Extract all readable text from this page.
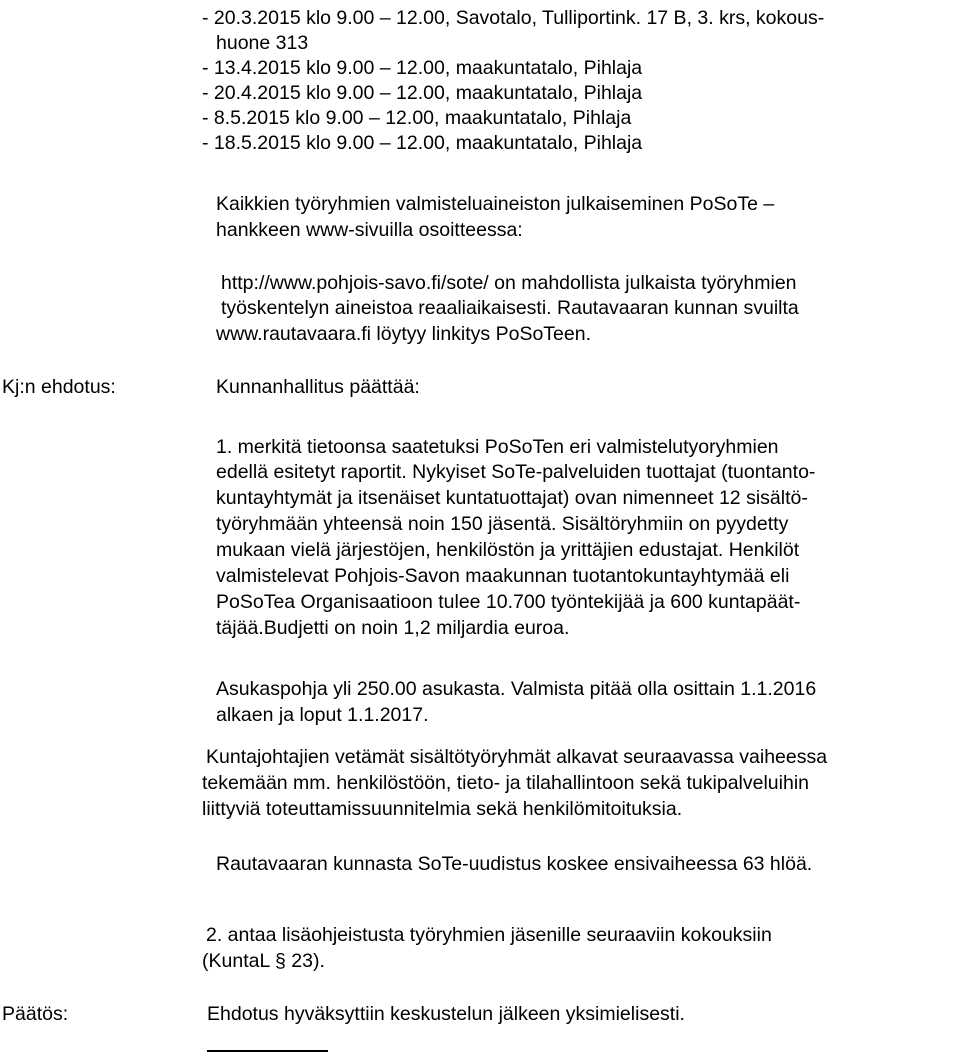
- 20.3.2015 klo 9.00 – 12.00, Savotalo, Tulliportink. 17 B, 3. krs, kokous-
huone 313
- 13.4.2015 klo 9.00 – 12.00, maakuntatalo, Pihlaja
- 20.4.2015 klo 9.00 – 12.00, maakuntatalo, Pihlaja
- 8.5.2015 klo 9.00 – 12.00, maakuntatalo, Pihlaja
- 18.5.2015 klo 9.00 – 12.00, maakuntatalo, Pihlaja
Kaikkien työryhmien valmisteluaineiston julkaiseminen PoSoTe –
hankkeen www-sivuilla osoitteessa:
http://www.pohjois-savo.fi/sote/ on mahdollista julkaista työryhmien
työskentelyn aineistoa reaaliaikaisesti. Rautavaaran kunnan svuilta
www.rautavaara.fi löytyy linkitys PoSoTeen.
Kj:n ehdotus:	Kunnanhallitus päättää:
1. merkitä tietoonsa saatetuksi PoSoTen eri valmistelutyoryhmien
edellä esitetyt raportit. Nykyiset SoTe-palveluiden tuottajat (tuontanto-
kuntayhtymät ja itsenäiset kuntatuottajat) ovan nimenneet 12 sisältö-
työryhmään yhteensä noin 150 jäsentä. Sisältöryhmiin on pyydetty
mukaan vielä järjestöjen, henkilöstön ja yrittäjien edustajat. Henkilöt
valmistelevat Pohjois-Savon maakunnan tuotantokuntayhtymää eli
PoSoTea Organisaatioon tulee 10.700 työntekijää ja 600 kuntapäät-
täjää.Budjetti on noin 1,2 miljardia euroa.
Asukaspohja yli 250.00 asukasta. Valmista pitää olla osittain 1.1.2016
alkaen ja loput 1.1.2017.
Kuntajohtajien vetämät sisältötyöryhmät alkavat seuraavassa vaiheessa
tekemään mm. henkilöstöön, tieto- ja tilahallintoon sekä tukipalveluihin
liittyviä toteuttamissuunnitelmia sekä henkilömitoituksia.
Rautavaaran kunnasta SoTe-uudistus koskee ensivaiheessa 63 hlöä.
2. antaa lisäohjeistusta työryhmien jäsenille seuraaviin kokouksiin
(KuntaL § 23).
Päätös:	Ehdotus hyväksyttiin keskustelun jälkeen yksimielisesti.
